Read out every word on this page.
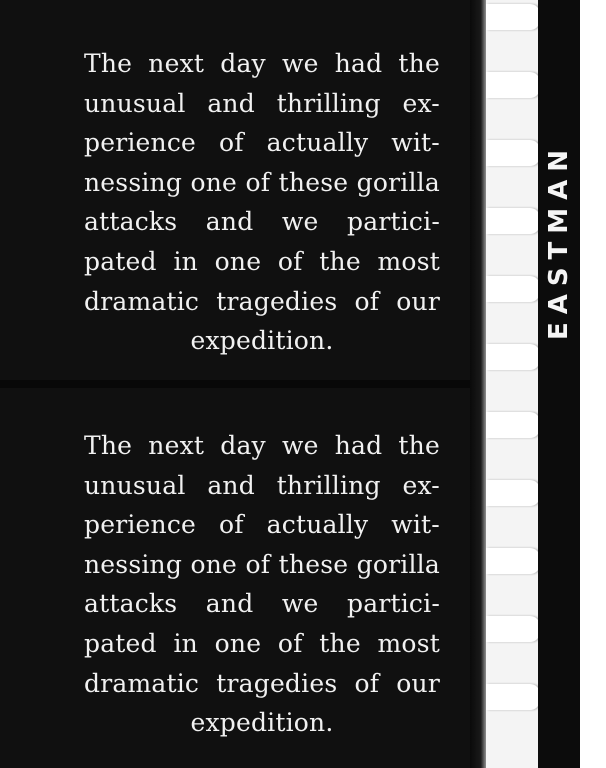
The next day we had the
unusual and thrilling ex-
perience of actually wit-
nessing one of these gorilla
attacks and we partici-
pated in one of the most
dramatic tragedies of our
expedition.
The next day we had the
unusual and thrilling ex-
perience of actually wit-
nessing one of these gorilla
attacks and we partici-
pated in one of the most
dramatic tragedies of our
expedition.
EASTMAN
